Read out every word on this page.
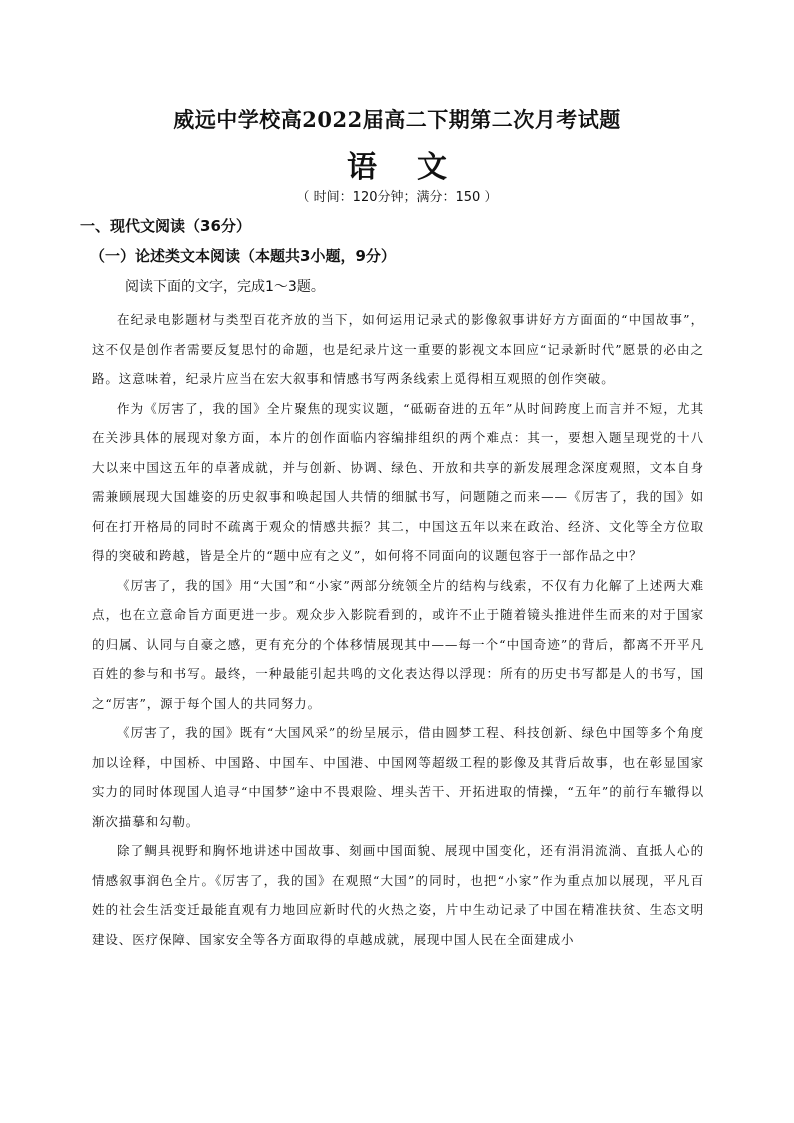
威远中学校高2022届高二下期第二次月考试题
语文
（ 时间：120分钟；满分：150 ）
一、现代文阅读（36分）
（一）论述类文本阅读（本题共3小题，9分）
阅读下面的文字，完成1～3题。

在纪录电影题材与类型百花齐放的当下，如何运用记录式的影像叙事讲好方方面面的“中国故事”，这不仅是创作者需要反复思忖的命题，也是纪录片这一重要的影视文本回应“记录新时代”愿景的必由之路。这意味着，纪录片应当在宏大叙事和情感书写两条线索上觅得相互观照的创作突破。

作为《厉害了，我的国》全片聚焦的现实议题，“砥砺奋进的五年”从时间跨度上而言并不短，尤其在关涉具体的展现对象方面，本片的创作面临内容编排组织的两个难点：其一，要想入题呈现党的十八大以来中国这五年的卓著成就，并与创新、协调、绿色、开放和共享的新发展理念深度观照，文本自身需兼顾展现大国雄姿的历史叙事和唤起国人共情的细腻书写，问题随之而来——《厉害了，我的国》如何在打开格局的同时不疏离于观众的情感共振？其二，中国这五年以来在政治、经济、文化等全方位取得的突破和跨越，皆是全片的“题中应有之义”，如何将不同面向的议题包容于一部作品之中？

《厉害了，我的国》用“大国”和“小家”两部分统领全片的结构与线索，不仅有力化解了上述两大难点，也在立意命旨方面更进一步。观众步入影院看到的，或许不止于随着镜头推进伴生而来的对于国家的归属、认同与自豪之感，更有充分的个体移情展现其中——每一个“中国奇迹”的背后，都离不开平凡百姓的参与和书写。最终，一种最能引起共鸣的文化表达得以浮现：所有的历史书写都是人的书写，国之“厉害”，源于每个国人的共同努力。

《厉害了，我的国》既有“大国风采”的纷呈展示，借由圆梦工程、科技创新、绿色中国等多个角度加以诠释，中国桥、中国路、中国车、中国港、中国网等超级工程的影像及其背后故事，也在彰显国家实力的同时体现国人追寻“中国梦”途中不畏艰险、埋头苦干、开拓进取的情操，“五年”的前行车辙得以渐次描摹和勾勒。

除了鲷具视野和胸怀地讲述中国故事、刻画中国面貌、展现中国变化，还有涓涓流淌、直抵人心的情感叙事润色全片。《厉害了，我的国》在观照“大国”的同时，也把“小家”作为重点加以展现，平凡百姓的社会生活变迁最能直观有力地回应新时代的火热之姿，片中生动记录了中国在精准扶贫、生态文明建设、医疗保障、国家安全等各方面取得的卓越成就，展现中国人民在全面建成小
